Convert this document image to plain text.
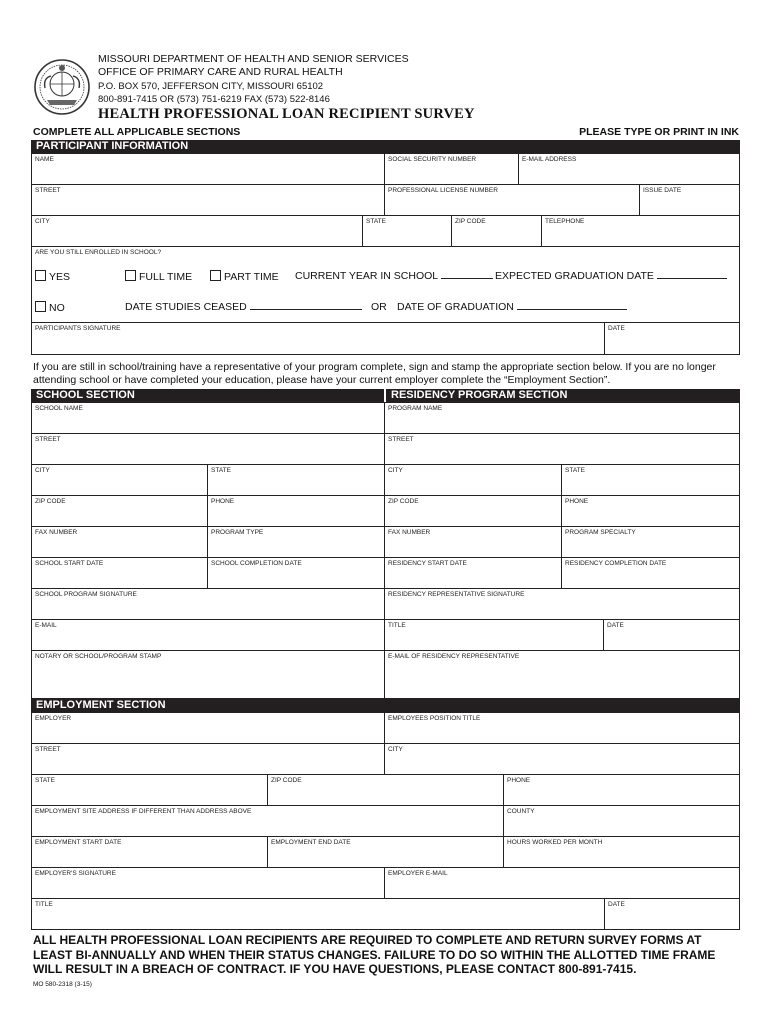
MISSOURI DEPARTMENT OF HEALTH AND SENIOR SERVICES
OFFICE OF PRIMARY CARE AND RURAL HEALTH
P.O. BOX 570, JEFFERSON CITY, MISSOURI 65102
800-891-7415 OR (573) 751-6219 FAX (573) 522-8146
HEALTH PROFESSIONAL LOAN RECIPIENT SURVEY
COMPLETE ALL APPLICABLE SECTIONS	PLEASE TYPE OR PRINT IN INK
PARTICIPANT INFORMATION
NAME	SOCIAL SECURITY NUMBER	E-MAIL ADDRESS
STREET	PROFESSIONAL LICENSE NUMBER	ISSUE DATE
CITY	STATE	ZIP CODE	TELEPHONE
ARE YOU STILL ENROLLED IN SCHOOL?
YES	FULL TIME	PART TIME CURRENT YEAR IN SCHOOL	EXPECTED GRADUATION DATE
NO	DATE STUDIES CEASED	OR DATE OF GRADUATION
PARTICIPANTS SIGNATURE	DATE
If you are still in school/training have a representative of your program complete, sign and stamp the appropriate section below. If you are no longer attending school or have completed your education, please have your current employer complete the “Employment Section”.
SCHOOL SECTION	RESIDENCY PROGRAM SECTION
SCHOOL NAME
STREET
CITY	STATE
ZIP CODE	PHONE
FAX NUMBER	PROGRAM TYPE
SCHOOL START DATE	SCHOOL COMPLETION DATE
SCHOOL PROGRAM SIGNATURE
E-MAIL
NOTARY OR SCHOOL/PROGRAM STAMP
PROGRAM NAME
STREET
CITY	STATE
ZIP CODE	PHONE
FAX NUMBER	PROGRAM SPECIALTY
RESIDENCY START DATE	RESIDENCY COMPLETION DATE
RESIDENCY REPRESENTATIVE SIGNATURE
TITLE	DATE
E-MAIL OF RESIDENCY REPRESENTATIVE
EMPLOYMENT SECTION
EMPLOYER	EMPLOYEES POSITION TITLE
STREET	CITY
STATE	ZIP CODE	PHONE
EMPLOYMENT SITE ADDRESS IF DIFFERENT THAN ADDRESS ABOVE	COUNTY
EMPLOYMENT START DATE	EMPLOYMENT END DATE	HOURS WORKED PER MONTH
EMPLOYER'S SIGNATURE	EMPLOYER E-MAIL
TITLE	DATE
ALL HEALTH PROFESSIONAL LOAN RECIPIENTS ARE REQUIRED TO COMPLETE AND RETURN SURVEY FORMS AT LEAST BI-ANNUALLY AND WHEN THEIR STATUS CHANGES. FAILURE TO DO SO WITHIN THE ALLOTTED TIME FRAME WILL RESULT IN A BREACH OF CONTRACT. IF YOU HAVE QUESTIONS, PLEASE CONTACT 800-891-7415.
MO 580-2318 (3-15)
